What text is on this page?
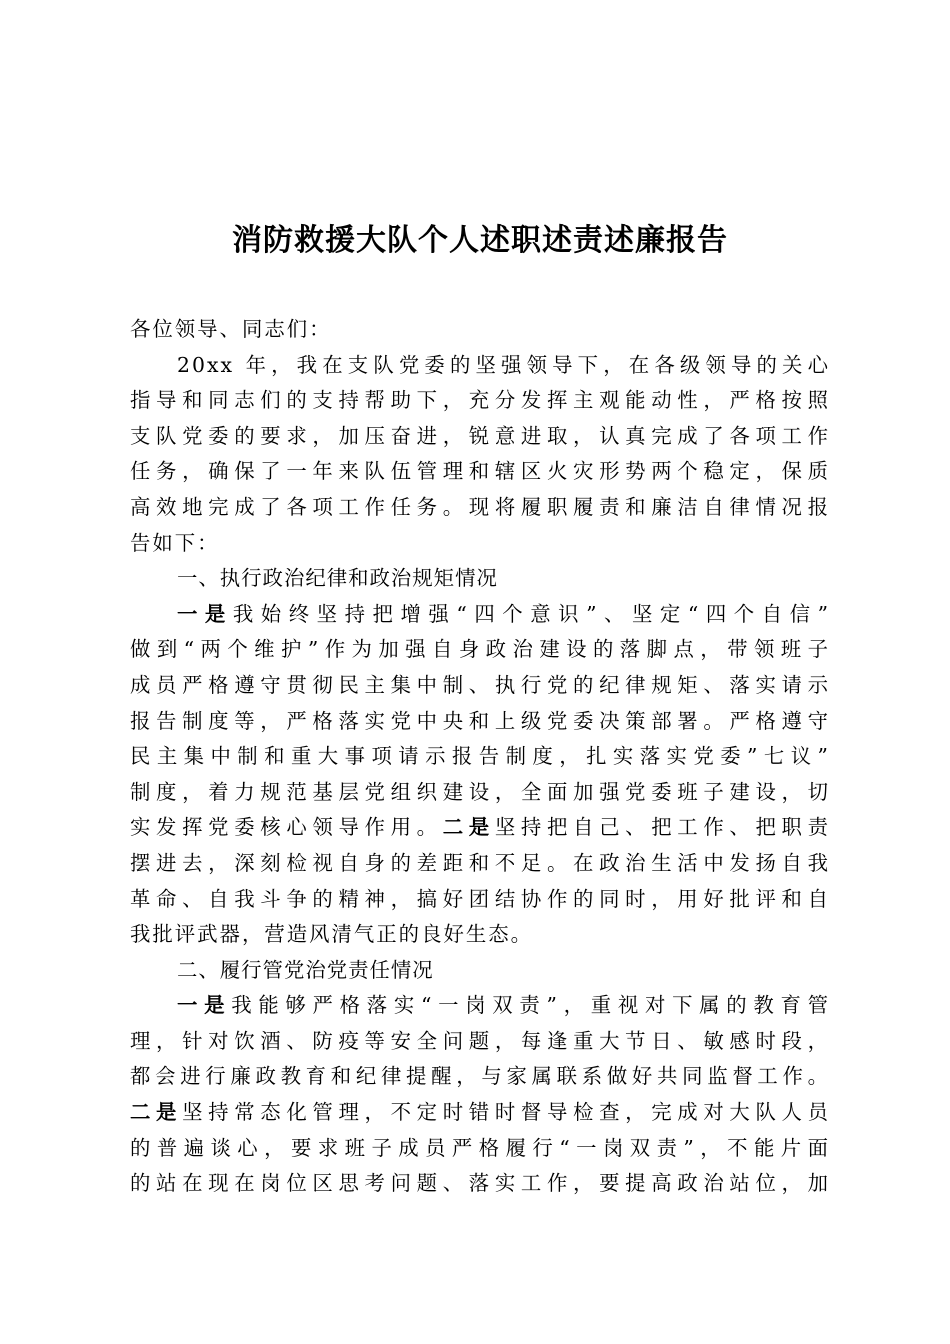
消防救援大队个人述职述责述廉报告
各位领导、同志们：
20xx 年，我在支队党委的坚强领导下，在各级领导的关心
指导和同志们的支持帮助下，充分发挥主观能动性，严格按照
支队党委的要求，加压奋进，锐意进取，认真完成了各项工作
任务，确保了一年来队伍管理和辖区火灾形势两个稳定，保质
高效地完成了各项工作任务。现将履职履责和廉洁自律情况报
告如下：
一、执行政治纪律和政治规矩情况
一是我始终坚持把增强“四个意识”、坚定“四个自信”
做到“两个维护”作为加强自身政治建设的落脚点，带领班子
成员严格遵守贯彻民主集中制、执行党的纪律规矩、落实请示
报告制度等，严格落实党中央和上级党委决策部署。严格遵守
民主集中制和重大事项请示报告制度，扎实落实党委”七议”
制度，着力规范基层党组织建设，全面加强党委班子建设，切
实发挥党委核心领导作用。二是坚持把自己、把工作、把职责
摆进去，深刻检视自身的差距和不足。在政治生活中发扬自我
革命、自我斗争的精神，搞好团结协作的同时，用好批评和自
我批评武器，营造风清气正的良好生态。
二、履行管党治党责任情况
一是我能够严格落实“一岗双责”，重视对下属的教育管
理，针对饮酒、防疫等安全问题，每逢重大节日、敏感时段，
都会进行廉政教育和纪律提醒，与家属联系做好共同监督工作。
二是坚持常态化管理，不定时错时督导检查，完成对大队人员
的普遍谈心，要求班子成员严格履行“一岗双责”，不能片面
的站在现在岗位区思考问题、落实工作，要提高政治站位，加
